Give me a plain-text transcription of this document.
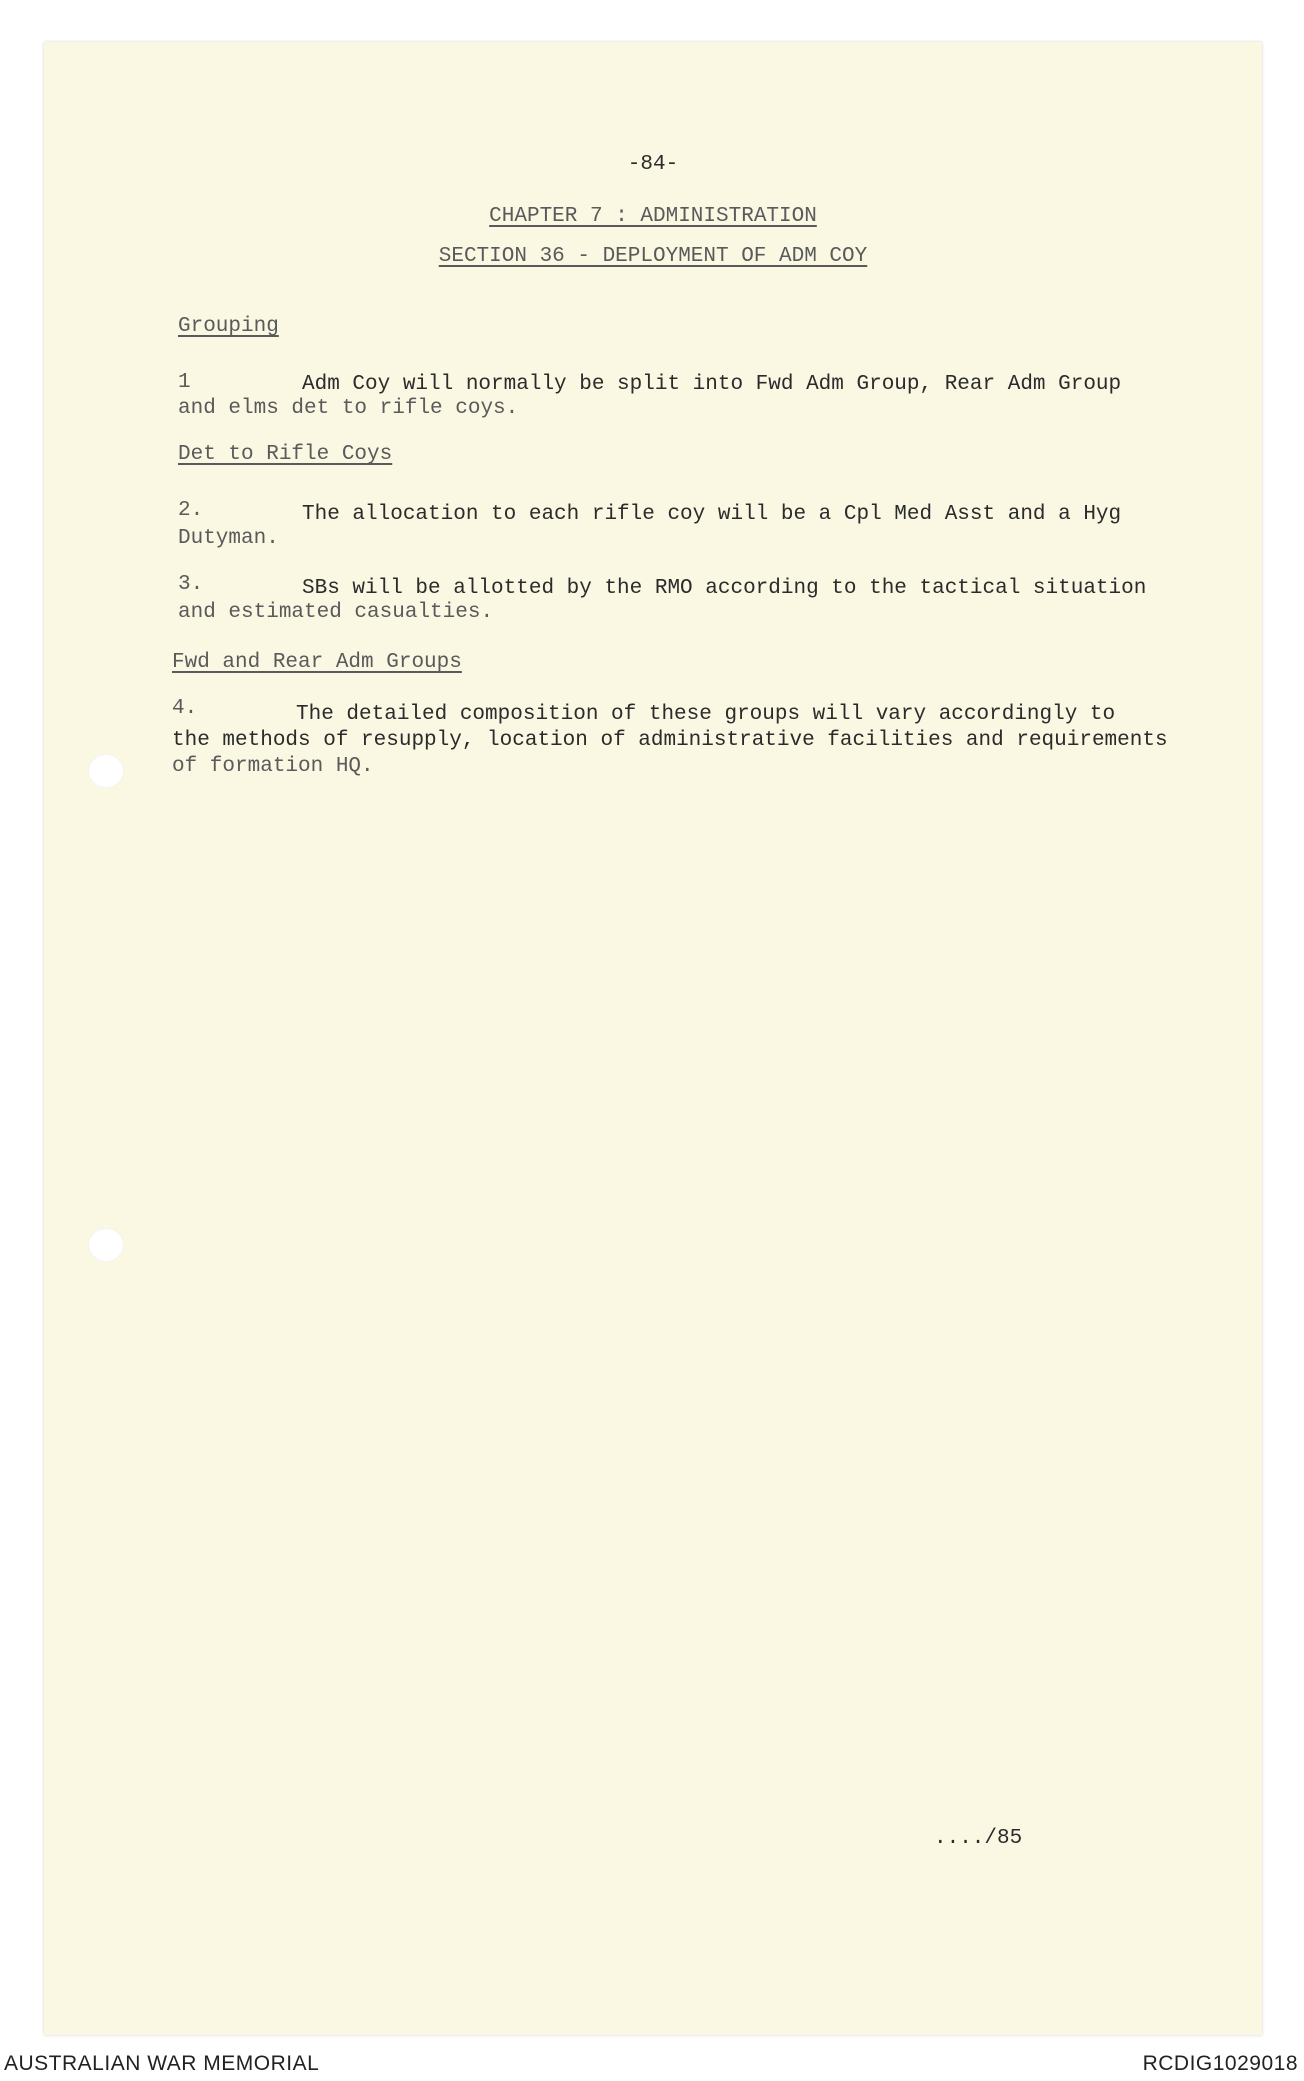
-84-
CHAPTER 7 : ADMINISTRATION
SECTION 36 - DEPLOYMENT OF ADM COY
Grouping
1	Adm Coy will normally be split into Fwd Adm Group, Rear Adm Group
and elms det to rifle coys.
Det to Rifle Coys
2.	The allocation to each rifle coy will be a Cpl Med Asst and a Hyg
Dutyman.
3.	SBs will be allotted by the RMO according to the tactical situation
and estimated casualties.
Fwd and Rear Adm Groups
4.	The detailed composition of these groups will vary accordingly to
the methods of resupply, location of administrative facilities and requirements
of formation HQ.
..../85
AUSTRALIAN WAR MEMORIAL	RCDIG1029018
